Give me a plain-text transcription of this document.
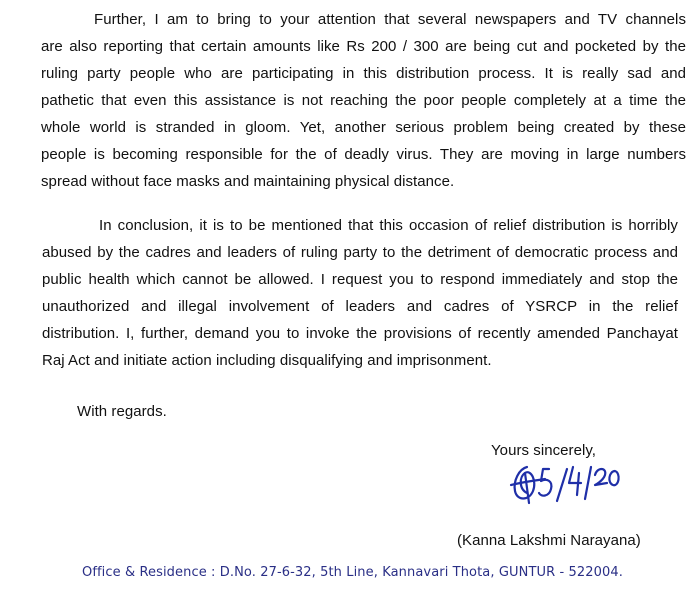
Further, I am to bring to your attention that several newspapers and TV channels
are also reporting that certain amounts like Rs 200 / 300 are being cut and pocketed by the
ruling party people who are participating in this distribution process. It is really sad and
pathetic that even this assistance is not reaching the poor people completely at a time the
whole world is stranded in gloom. Yet, another serious problem being created by these
people is becoming responsible for the of deadly virus. They are moving in large numbers
spread without face masks and maintaining physical distance.
In conclusion, it is to be mentioned that this occasion of relief distribution is horribly
abused by the cadres and leaders of ruling party to the detriment of democratic process and
public health which cannot be allowed. I request you to respond immediately and stop the
unauthorized and illegal involvement of leaders and cadres of YSRCP in the relief
distribution. I, further, demand you to invoke the provisions of recently amended Panchayat
Raj Act and initiate action including disqualifying and imprisonment.
With regards.
Yours sincerely,
(Kanna Lakshmi Narayana)
Office & Residence : D.No. 27-6-32, 5th Line, Kannavari Thota, GUNTUR - 522004.
